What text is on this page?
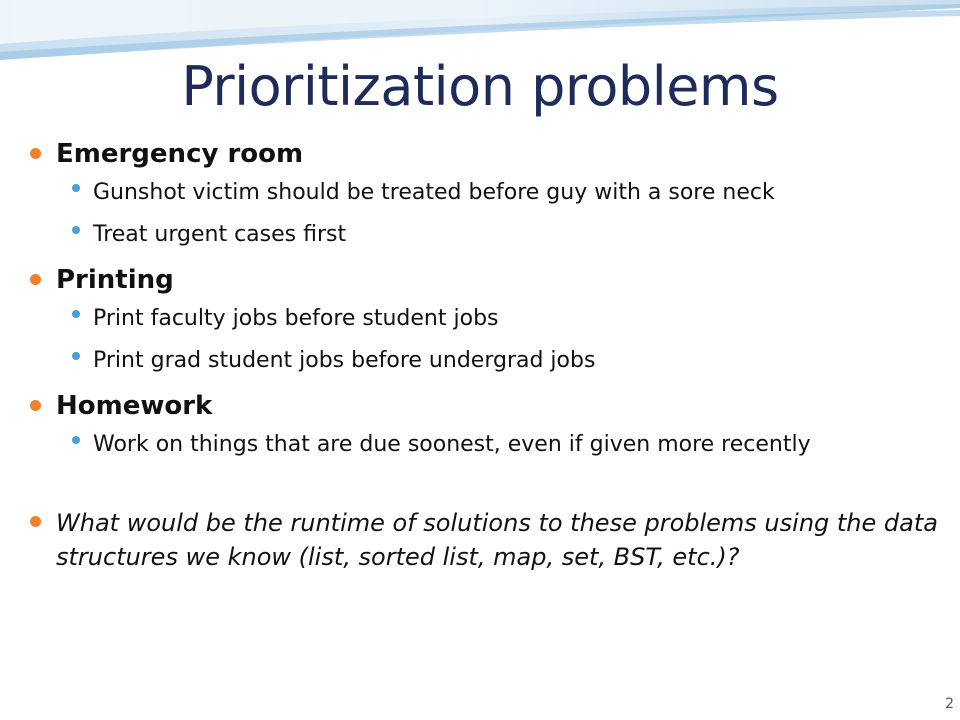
Prioritization problems
Emergency room
Gunshot victim should be treated before guy with a sore neck
Treat urgent cases first
Printing
Print faculty jobs before student jobs
Print grad student jobs before undergrad jobs
Homework
Work on things that are due soonest, even if given more recently
What would be the runtime of solutions to these problems using the data structures we know (list, sorted list, map, set, BST, etc.)?
2
